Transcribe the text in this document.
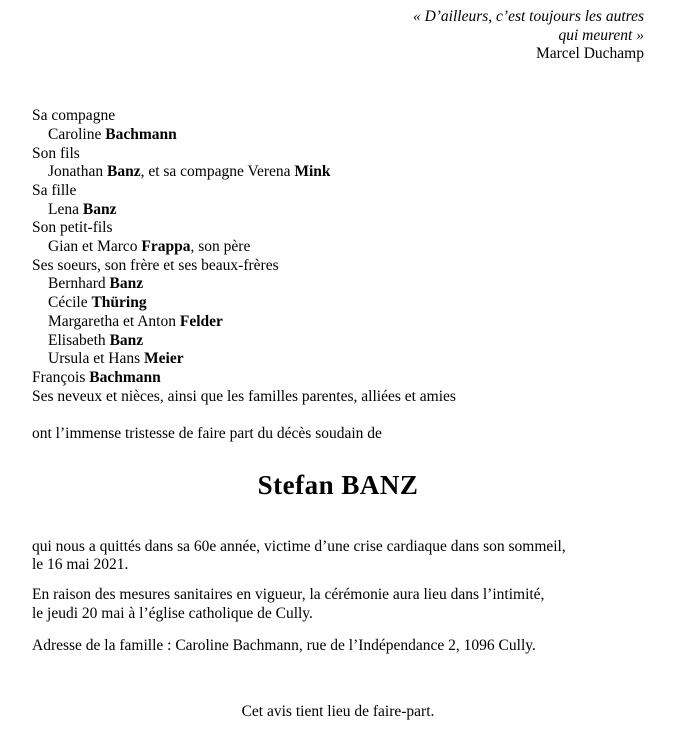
« D’ailleurs, c’est toujours les autres
qui meurent »
Marcel Duchamp
Sa compagne
Caroline Bachmann
Son fils
Jonathan Banz, et sa compagne Verena Mink
Sa fille
Lena Banz
Son petit-fils
Gian et Marco Frappa, son père
Ses soeurs, son frère et ses beaux-frères
Bernhard Banz
Cécile Thüring
Margaretha et Anton Felder
Elisabeth Banz
Ursula et Hans Meier
François Bachmann
Ses neveux et nièces, ainsi que les familles parentes, alliées et amies
ont l’immense tristesse de faire part du décès soudain de
Stefan BANZ
qui nous a quittés dans sa 60e année, victime d’une crise cardiaque dans son sommeil,
le 16 mai 2021.
En raison des mesures sanitaires en vigueur, la cérémonie aura lieu dans l’intimité,
le jeudi 20 mai à l’église catholique de Cully.
Adresse de la famille : Caroline Bachmann, rue de l’Indépendance 2, 1096 Cully.
Cet avis tient lieu de faire-part.
